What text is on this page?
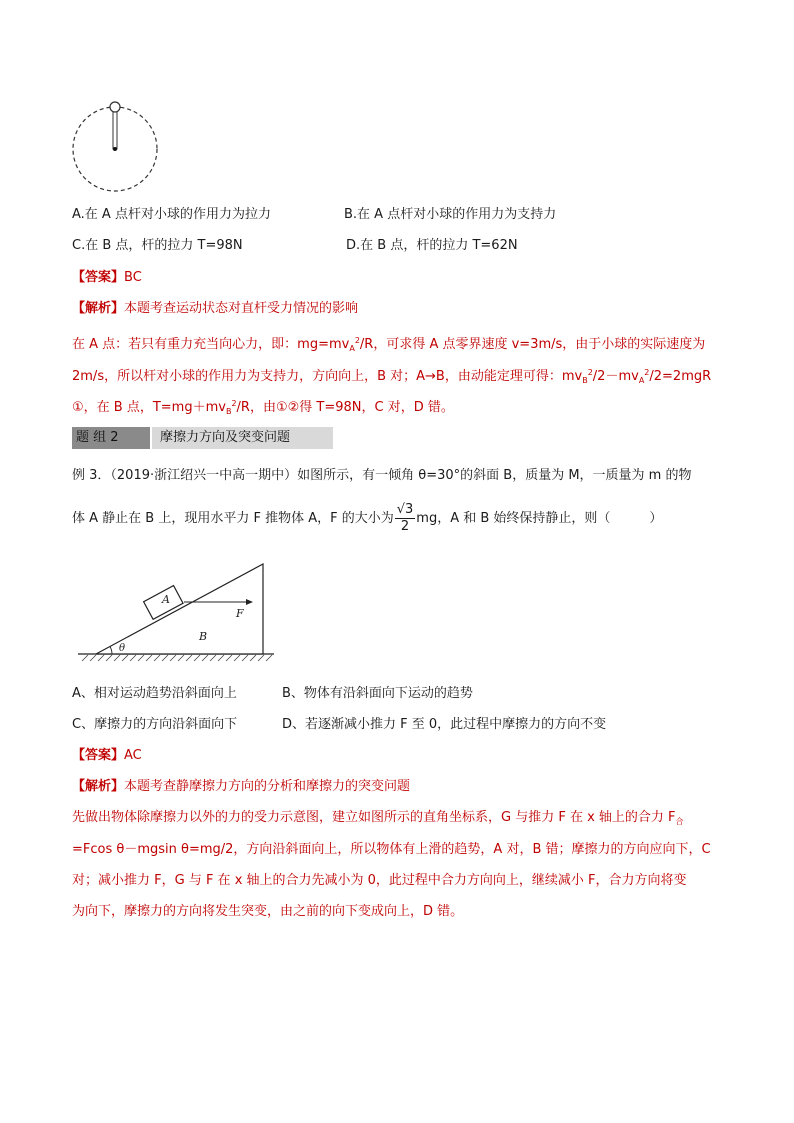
A.在 A 点杆对小球的作用力为拉力	B.在 A 点杆对小球的作用力为支持力
C.在 B 点，杆的拉力 T=98N	D.在 B 点，杆的拉力 T=62N
【答案】BC
【解析】本题考查运动状态对直杆受力情况的影响
在 A 点：若只有重力充当向心力，即：$mg=mv_A^2/R$，可求得 A 点零界速度 v=3m/s，由于小球的实际速度为
2m/s，所以杆对小球的作用力为支持力，方向向上，B 对；A→B，由动能定理可得：$mv_B^2/2-mv_A^2/2=2mgR$
①，在 B 点，$T=mg+mv_B^2/R$，由①②得 T=98N，C 对，D 错。
题 组 2	摩擦力方向及突变问题
例 3．（2019·浙江绍兴一中高一期中）如图所示，有一倾角 θ=30°的斜面 B，质量为 M，一质量为 m 的物
体 A 静止在 B 上，现用水平力 F 推物体 A，F 的大小为 $\frac{√3}{2}$ mg，A 和 B 始终保持静止，则（　　　）
A
F
B
θ
A、相对运动趋势沿斜面向上	B、物体有沿斜面向下运动的趋势
C、摩擦力的方向沿斜面向下	D、若逐渐减小推力 F 至 0，此过程中摩擦力的方向不变
【答案】AC
【解析】本题考查静摩擦力方向的分析和摩擦力的突变问题
先做出物体除摩擦力以外的力的受力示意图，建立如图所示的直角坐标系，G 与推力 F 在 x 轴上的合力 $F_合$
=Fcos θ－mgsin θ=mg/2，方向沿斜面向上，所以物体有上滑的趋势，A 对，B 错；摩擦力的方向应向下，C
对；减小推力 F，G 与 F 在 x 轴上的合力先减小为 0，此过程中合力方向向上，继续减小 F，合力方向将变
为向下，摩擦力的方向将发生突变，由之前的向下变成向上，D 错。
